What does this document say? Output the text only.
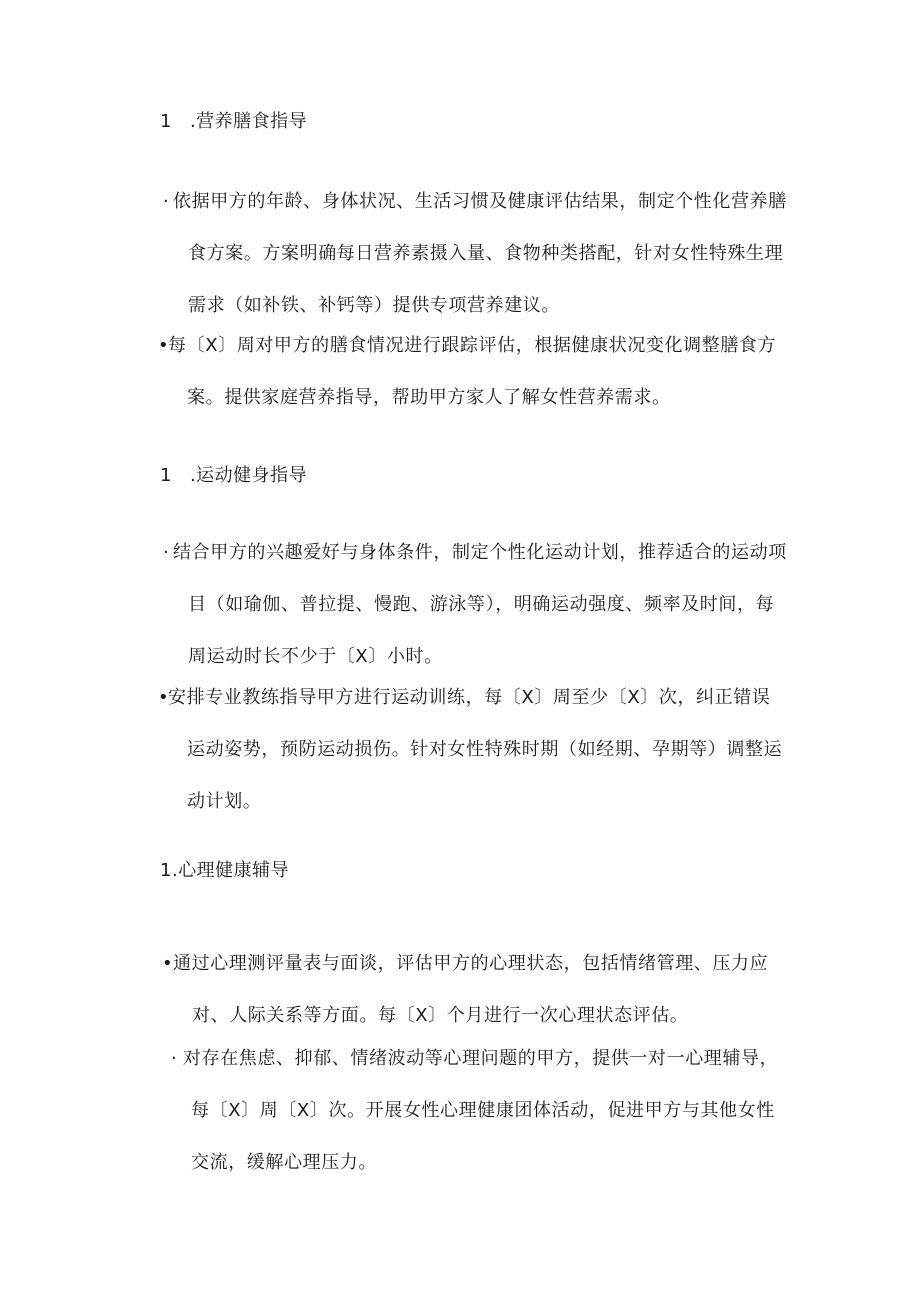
1 .营养膳食指导
· 依据甲方的年龄、身体状况、生活习惯及健康评估结果，制定个性化营养膳
食方案。方案明确每日营养素摄入量、食物种类搭配，针对女性特殊生理
需求（如补铁、补钙等）提供专项营养建议。
•
每〔X〕周对甲方的膳食情况进行跟踪评估，根据健康状况变化调整膳食方
案。提供家庭营养指导，帮助甲方家人了解女性营养需求。
1 .运动健身指导
· 结合甲方的兴趣爱好与身体条件，制定个性化运动计划，推荐适合的运动项
目（如瑜伽、普拉提、慢跑、游泳等），明确运动强度、频率及时间，每
周运动时长不少于〔X〕小时。
•
安排专业教练指导甲方进行运动训练，每〔X〕周至少〔X〕次，纠正错误
运动姿势，预防运动损伤。针对女性特殊时期（如经期、孕期等）调整运
动计划。
1.心理健康辅导
• 通过心理测评量表与面谈，评估甲方的心理状态，包括情绪管理、压力应
对、人际关系等方面。每〔X〕个月进行一次心理状态评估。
· 对存在焦虑、抑郁、情绪波动等心理问题的甲方，提供一对一心理辅导，
每〔X〕周〔X〕次。开展女性心理健康团体活动，促进甲方与其他女性
交流，缓解心理压力。
